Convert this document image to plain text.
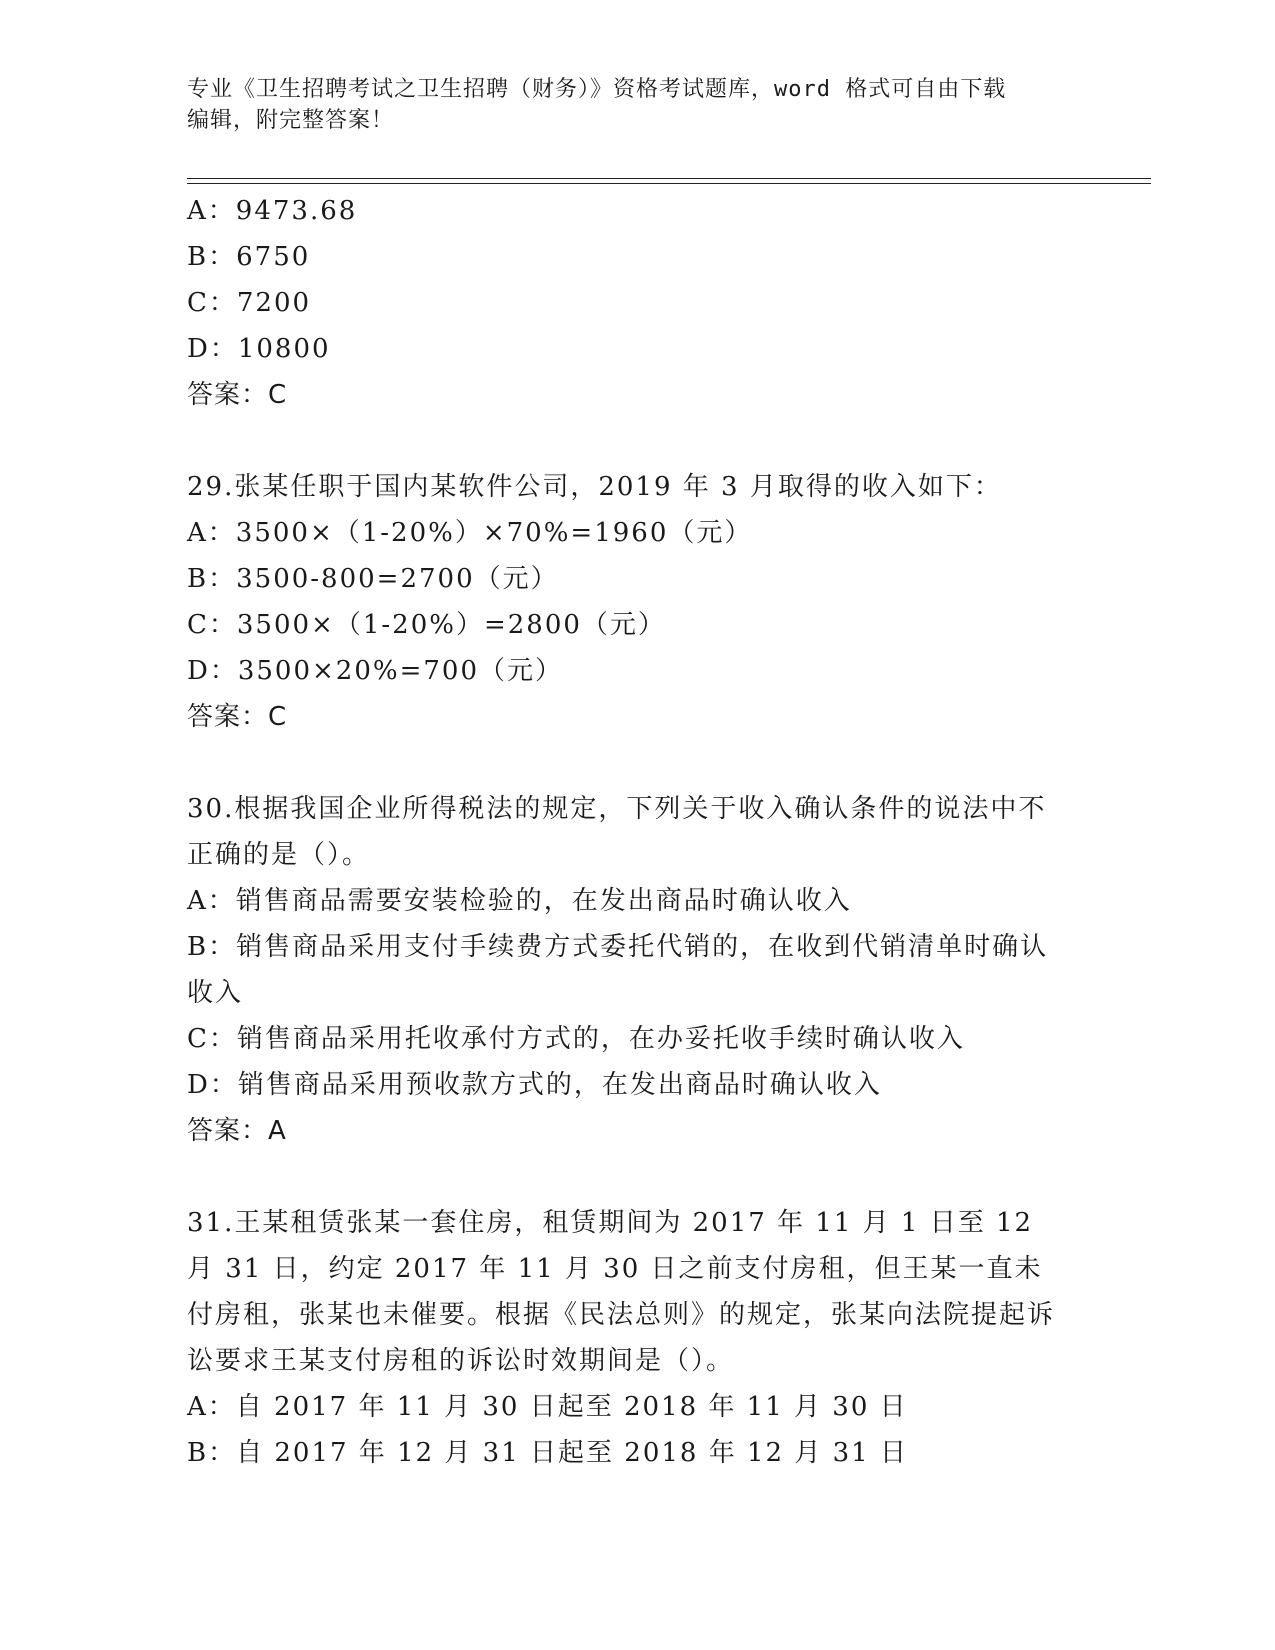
专业《卫生招聘考试之卫生招聘（财务）》资格考试题库，word 格式可自由下载

编辑，附完整答案！

A：9473.68

B：6750

C：7200

D：10800

答案：C

29.张某任职于国内某软件公司，2019 年 3 月取得的收入如下：

A：3500×（1-20%）×70%=1960（元）

B：3500-800=2700（元）

C：3500×（1-20%）=2800（元）

D：3500×20%=700（元）

答案：C

30.根据我国企业所得税法的规定，下列关于收入确认条件的说法中不正确的是（）。

A：销售商品需要安装检验的，在发出商品时确认收入

B：销售商品采用支付手续费方式委托代销的，在收到代销清单时确认收入

C：销售商品采用托收承付方式的，在办妥托收手续时确认收入

D：销售商品采用预收款方式的，在发出商品时确认收入

答案：A

31.王某租赁张某一套住房，租赁期间为 2017 年 11 月 1 日至 12 月 31 日，约定 2017 年 11 月 30 日之前支付房租，但王某一直未付房租，张某也未催要。根据《民法总则》的规定，张某向法院提起诉讼要求王某支付房租的诉讼时效期间是（）。

A：自 2017 年 11 月 30 日起至 2018 年 11 月 30 日

B：自 2017 年 12 月 31 日起至 2018 年 12 月 31 日
